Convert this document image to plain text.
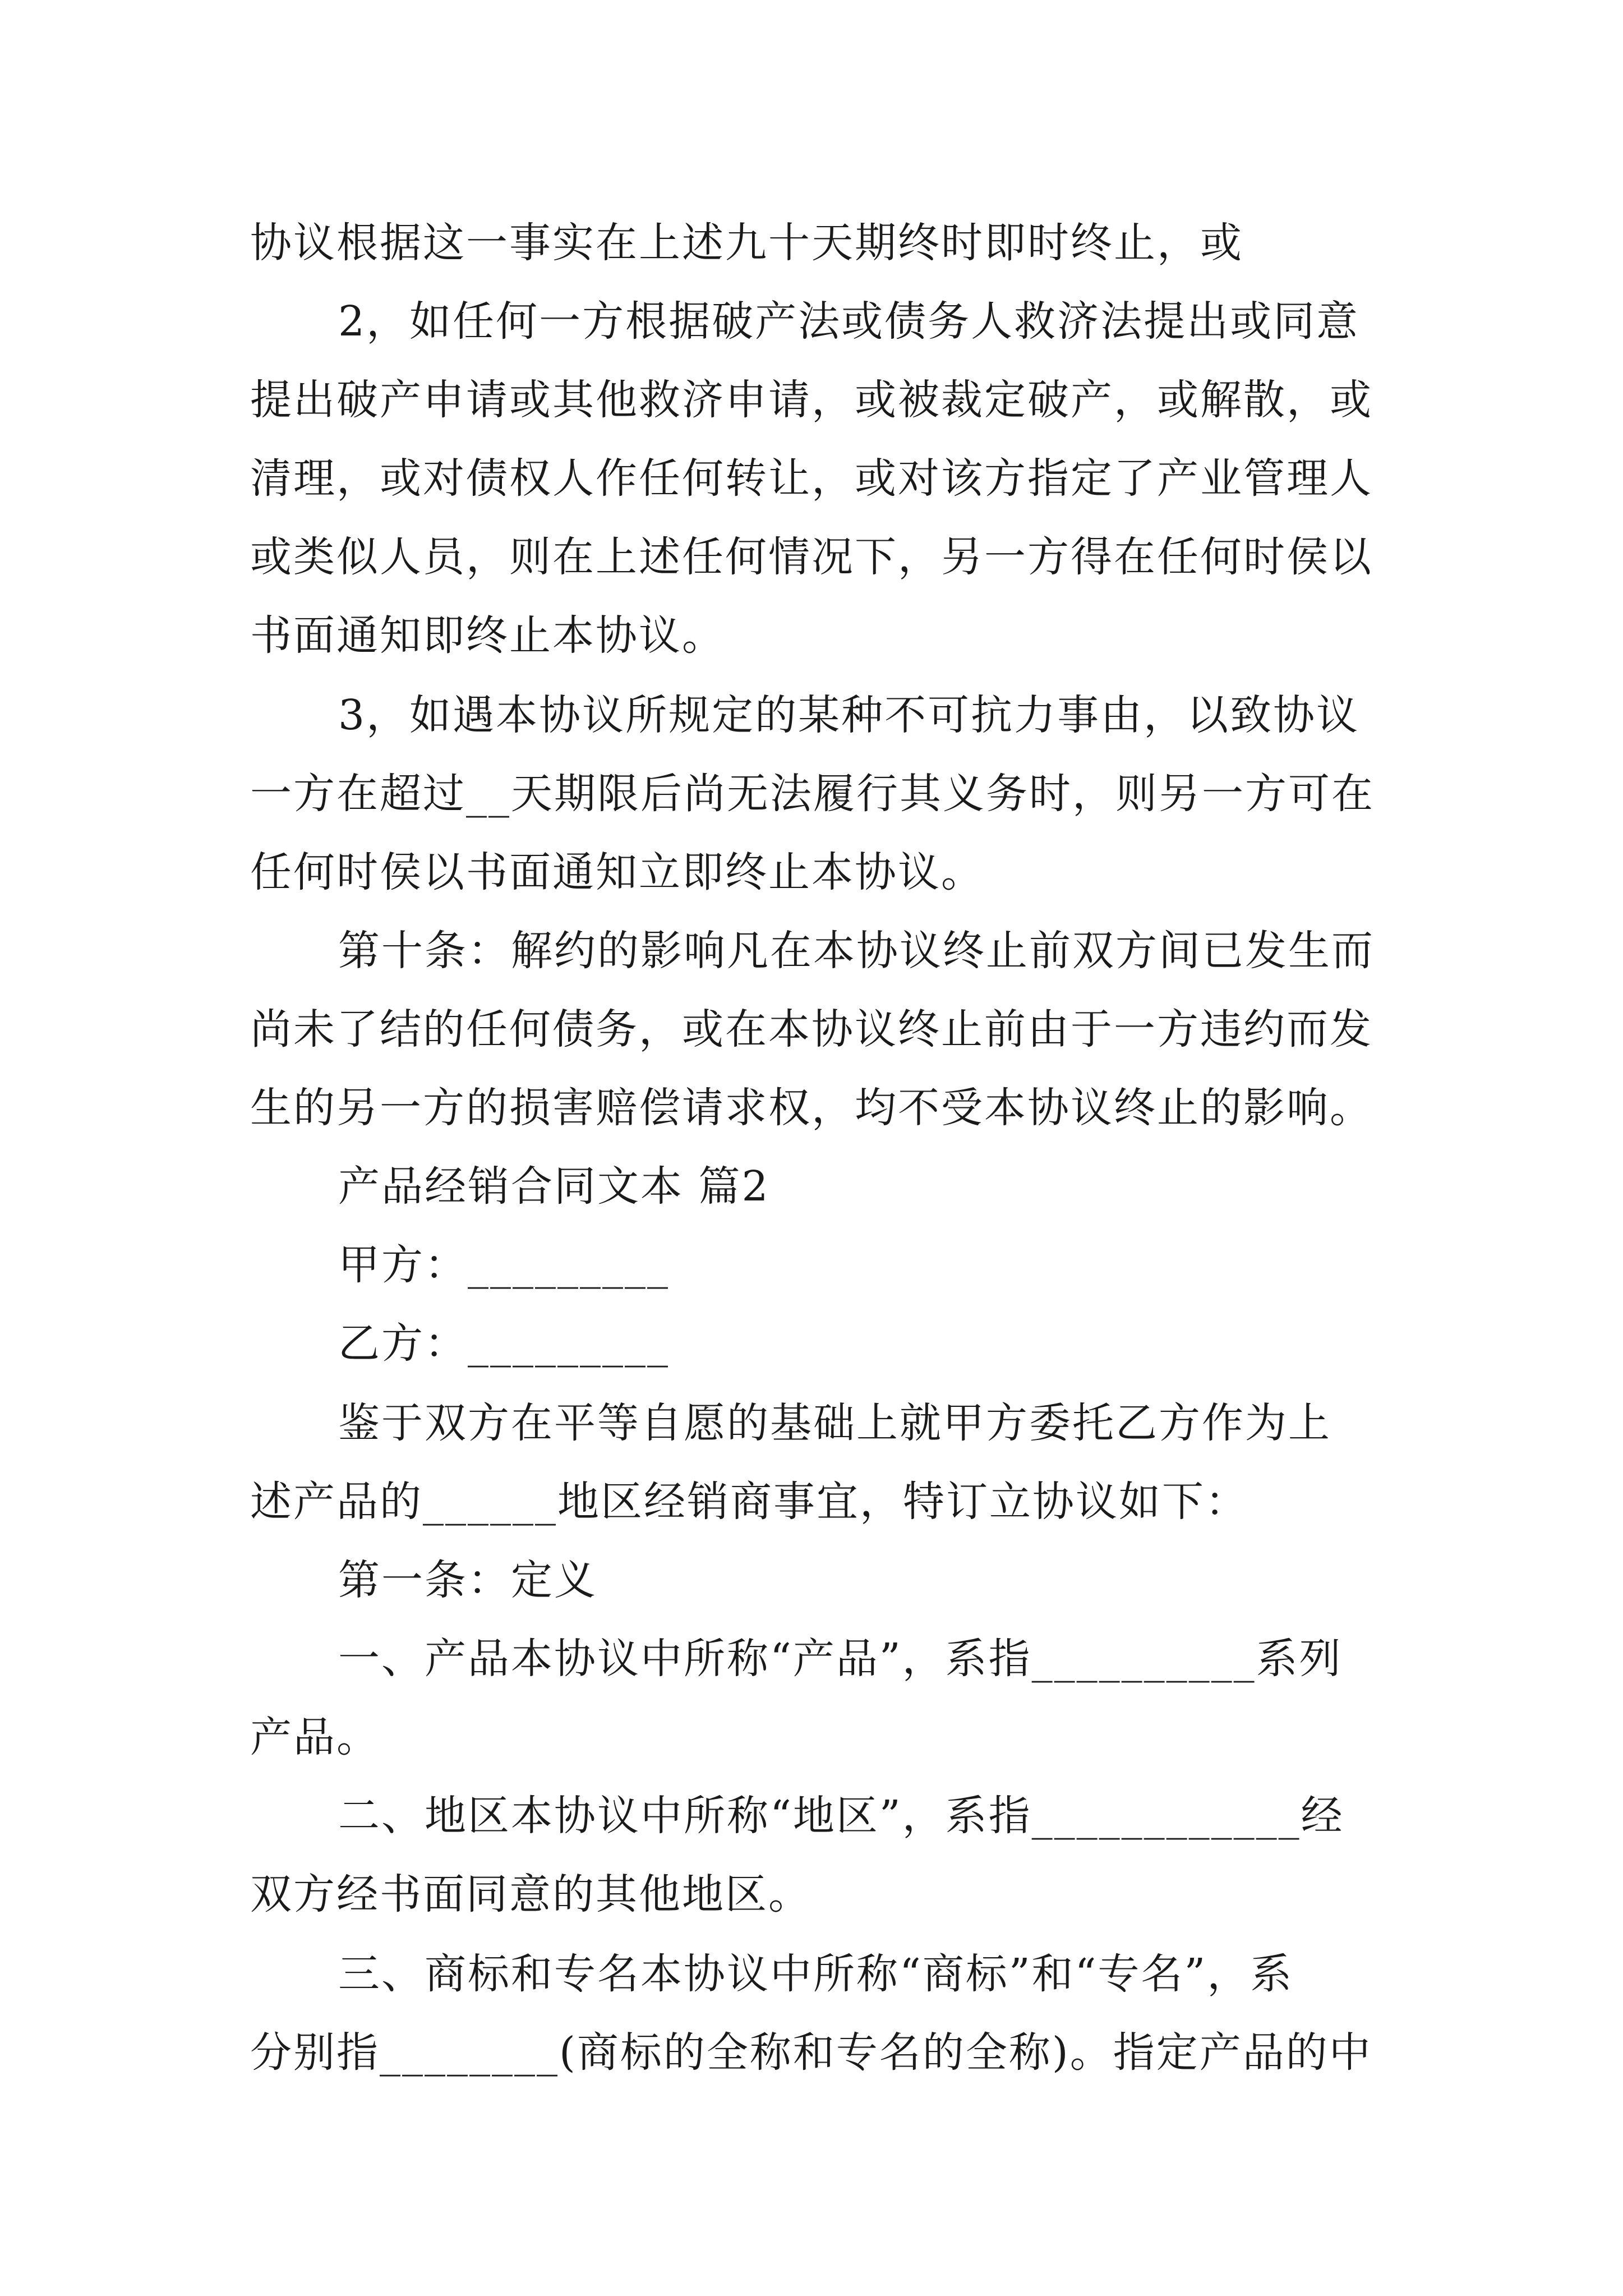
协议根据这一事实在上述九十天期终时即时终止，或
2，如任何一方根据破产法或债务人救济法提出或同意
提出破产申请或其他救济申请，或被裁定破产，或解散，或
清理，或对债权人作任何转让，或对该方指定了产业管理人
或类似人员，则在上述任何情况下，另一方得在任何时侯以
书面通知即终止本协议。
3，如遇本协议所规定的某种不可抗力事由，以致协议
一方在超过__天期限后尚无法履行其义务时，则另一方可在
任何时侯以书面通知立即终止本协议。
第十条：解约的影响凡在本协议终止前双方间已发生而
尚未了结的任何债务，或在本协议终止前由于一方违约而发
生的另一方的损害赔偿请求权，均不受本协议终止的影响。
产品经销合同文本 篇2
甲方：_________
乙方：_________
鉴于双方在平等自愿的基础上就甲方委托乙方作为上
述产品的______地区经销商事宜，特订立协议如下：
第一条：定义
一、产品本协议中所称“产品”，系指__________系列
产品。
二、地区本协议中所称“地区”，系指____________经
双方经书面同意的其他地区。
三、商标和专名本协议中所称“商标”和“专名”，系
分别指________(商标的全称和专名的全称)。指定产品的中
